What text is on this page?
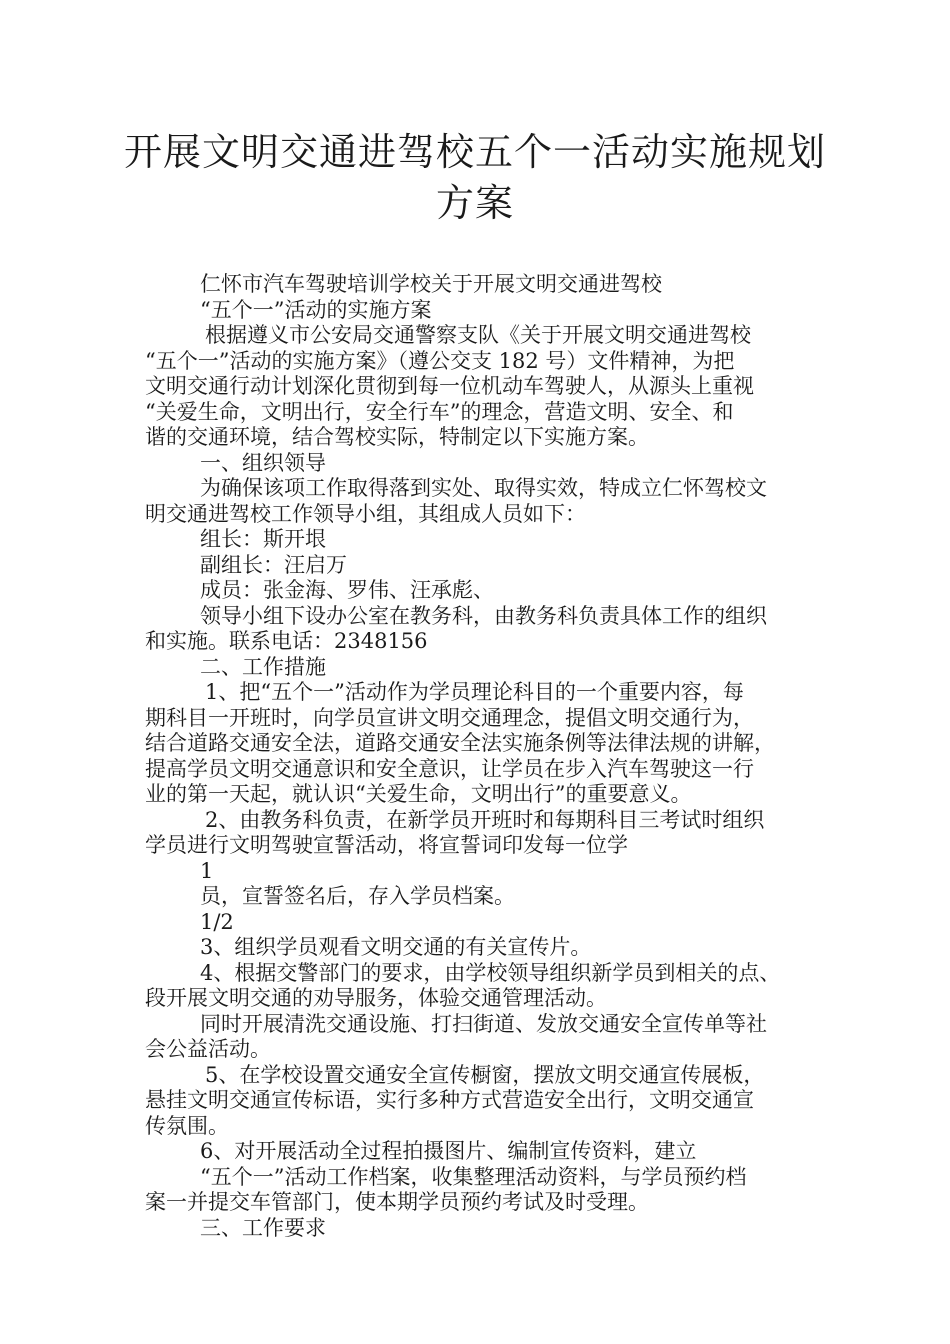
开展文明交通进驾校五个一活动实施规划
方案

仁怀市汽车驾驶培训学校关于开展文明交通进驾校

“五个一”活动的实施方案

根据遵义市公安局交通警察支队《关于开展文明交通进驾校

“五个一”活动的实施方案》（遵公交支 182 号）文件精神，为把

文明交通行动计划深化贯彻到每一位机动车驾驶人，从源头上重视

“关爱生命，文明出行，安全行车”的理念，营造文明、安全、和

谐的交通环境，结合驾校实际，特制定以下实施方案。

一、组织领导

为确保该项工作取得落到实处、取得实效，特成立仁怀驾校文

明交通进驾校工作领导小组，其组成人员如下：

组长：斯开垠

副组长：汪启万

成员：张金海、罗伟、汪承彪、

领导小组下设办公室在教务科，由教务科负责具体工作的组织

和实施。联系电话：2348156

二、工作措施

1、把“五个一”活动作为学员理论科目的一个重要内容，每

期科目一开班时，向学员宣讲文明交通理念，提倡文明交通行为，

结合道路交通安全法，道路交通安全法实施条例等法律法规的讲解，

提高学员文明交通意识和安全意识，让学员在步入汽车驾驶这一行

业的第一天起，就认识“关爱生命，文明出行”的重要意义。

2、由教务科负责，在新学员开班时和每期科目三考试时组织

学员进行文明驾驶宣誓活动，将宣誓词印发每一位学

1

员，宣誓签名后，存入学员档案。

1/2

3、组织学员观看文明交通的有关宣传片。

4、根据交警部门的要求，由学校领导组织新学员到相关的点、

段开展文明交通的劝导服务，体验交通管理活动。

同时开展清洗交通设施、打扫街道、发放交通安全宣传单等社

会公益活动。

5、在学校设置交通安全宣传橱窗，摆放文明交通宣传展板，

悬挂文明交通宣传标语，实行多种方式营造安全出行，文明交通宣

传氛围。

6、对开展活动全过程拍摄图片、编制宣传资料，建立

“五个一”活动工作档案，收集整理活动资料，与学员预约档

案一并提交车管部门，使本期学员预约考试及时受理。

三、工作要求
